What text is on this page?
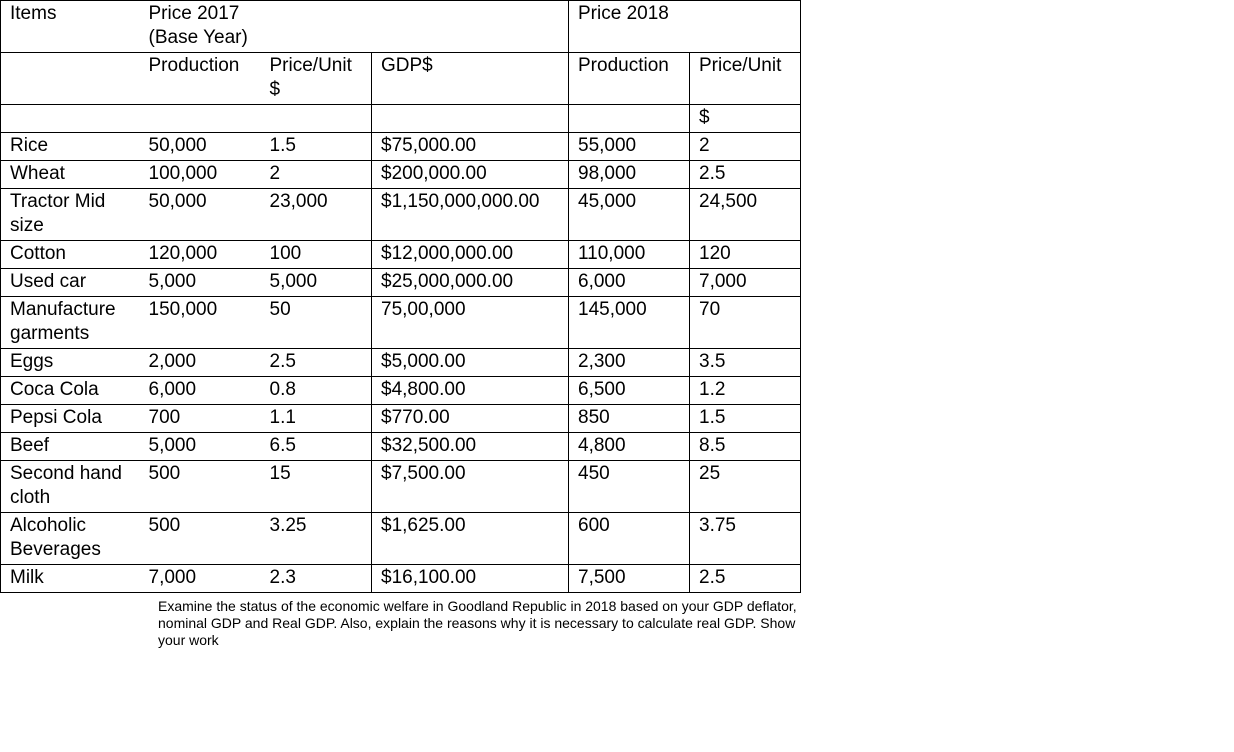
Items	Price 2017 (Base Year)			Price 2018	
	Production	Price/Unit $	GDP$	Production	Price/Unit
					$
Rice	50,000	1.5	$75,000.00	55,000	2
Wheat	100,000	2	$200,000.00	98,000	2.5
Tractor Mid size	50,000	23,000	$1,150,000,000.00	45,000	24,500
Cotton	120,000	100	$12,000,000.00	110,000	120
Used car	5,000	5,000	$25,000,000.00	6,000	7,000
Manufacture garments	150,000	50	75,00,000	145,000	70
Eggs	2,000	2.5	$5,000.00	2,300	3.5
Coca Cola	6,000	0.8	$4,800.00	6,500	1.2
Pepsi Cola	700	1.1	$770.00	850	1.5
Beef	5,000	6.5	$32,500.00	4,800	8.5
Second hand cloth	500	15	$7,500.00	450	25
Alcoholic Beverages	500	3.25	$1,625.00	600	3.75
Milk	7,000	2.3	$16,100.00	7,500	2.5
Examine the status of the economic welfare in Goodland Republic in 2018 based on your GDP deflator, nominal GDP and Real GDP. Also, explain the reasons why it is necessary to calculate real GDP. Show your work
